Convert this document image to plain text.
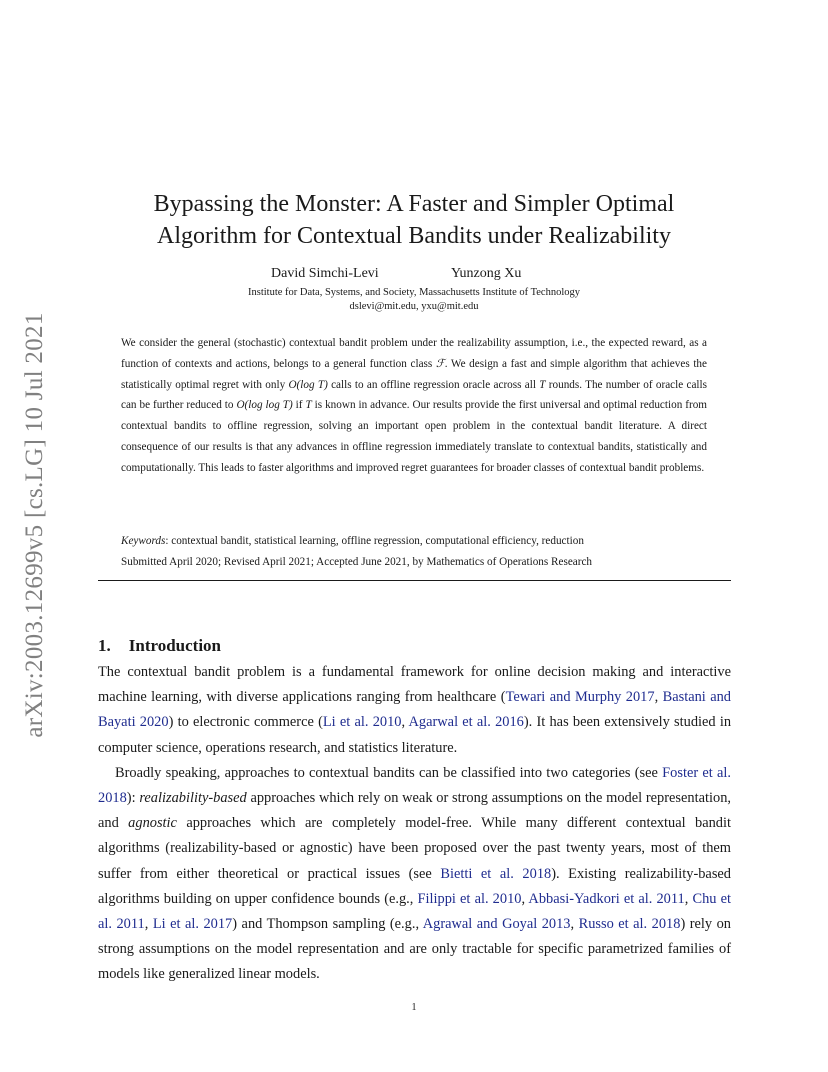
arXiv:2003.12699v5 [cs.LG] 10 Jul 2021
Bypassing the Monster: A Faster and Simpler Optimal
Algorithm for Contextual Bandits under Realizability
David Simchi-Levi	Yunzong Xu
Institute for Data, Systems, and Society, Massachusetts Institute of Technology
dslevi@mit.edu, yxu@mit.edu
We consider the general (stochastic) contextual bandit problem under the realizability assumption, i.e., the expected reward, as a function of contexts and actions, belongs to a general function class ℱ. We design a fast and simple algorithm that achieves the statistically optimal regret with only O(log T) calls to an offline regression oracle across all T rounds. The number of oracle calls can be further reduced to O(log log T) if T is known in advance. Our results provide the first universal and optimal reduction from contextual bandits to offline regression, solving an important open problem in the contextual bandit literature. A direct consequence of our results is that any advances in offline regression immediately translate to contextual bandits, statistically and computationally. This leads to faster algorithms and improved regret guarantees for broader classes of contextual bandit problems.
Keywords: contextual bandit, statistical learning, offline regression, computational efficiency, reduction
Submitted April 2020; Revised April 2021; Accepted June 2021, by Mathematics of Operations Research
1. Introduction

The contextual bandit problem is a fundamental framework for online decision making and interactive machine learning, with diverse applications ranging from healthcare (Tewari and Murphy 2017, Bastani and Bayati 2020) to electronic commerce (Li et al. 2010, Agarwal et al. 2016). It has been extensively studied in computer science, operations research, and statistics literature.

Broadly speaking, approaches to contextual bandits can be classified into two categories (see Foster et al. 2018): realizability-based approaches which rely on weak or strong assumptions on the model representation, and agnostic approaches which are completely model-free. While many different contextual bandit algorithms (realizability-based or agnostic) have been proposed over the past twenty years, most of them suffer from either theoretical or practical issues (see Bietti et al. 2018). Existing realizability-based algorithms building on upper confidence bounds (e.g., Filippi et al. 2010, Abbasi-Yadkori et al. 2011, Chu et al. 2011, Li et al. 2017) and Thompson sampling (e.g., Agrawal and Goyal 2013, Russo et al. 2018) rely on strong assumptions on the model representation and are only tractable for specific parametrized families of models like generalized linear models.

1
